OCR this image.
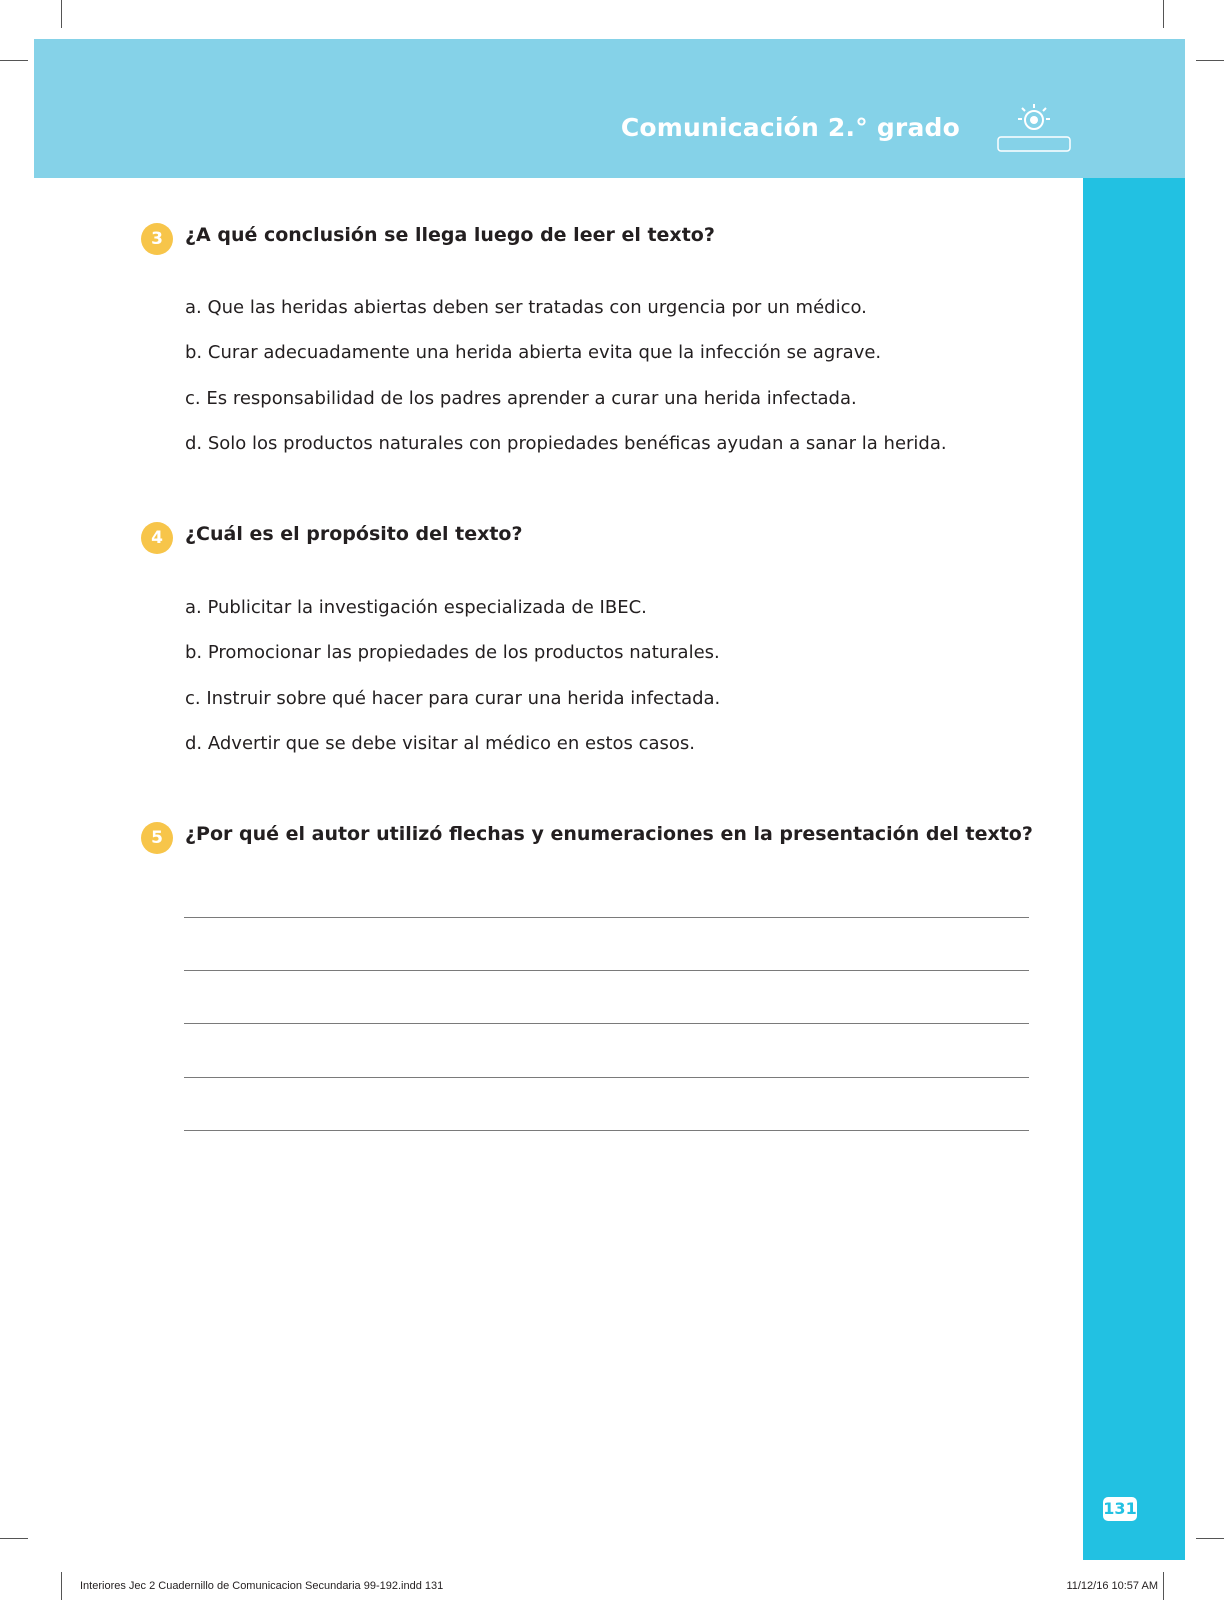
Comunicación 2.° grado
131
3	¿A qué conclusión se llega luego de leer el texto?
a. Que las heridas abiertas deben ser tratadas con urgencia por un médico.
b. Curar adecuadamente una herida abierta evita que la infección se agrave.
c. Es responsabilidad de los padres aprender a curar una herida infectada.
d. Solo los productos naturales con propiedades benéficas ayudan a sanar la herida.
4	¿Cuál es el propósito del texto?
a. Publicitar la investigación especializada de IBEC.
b. Promocionar las propiedades de los productos naturales.
c. Instruir sobre qué hacer para curar una herida infectada.
d. Advertir que se debe visitar al médico en estos casos.
5	¿Por qué el autor utilizó flechas y enumeraciones en la presentación del texto?
Interiores Jec 2 Cuadernillo de Comunicacion Secundaria 99-192.indd 131	11/12/16 10:57 AM
